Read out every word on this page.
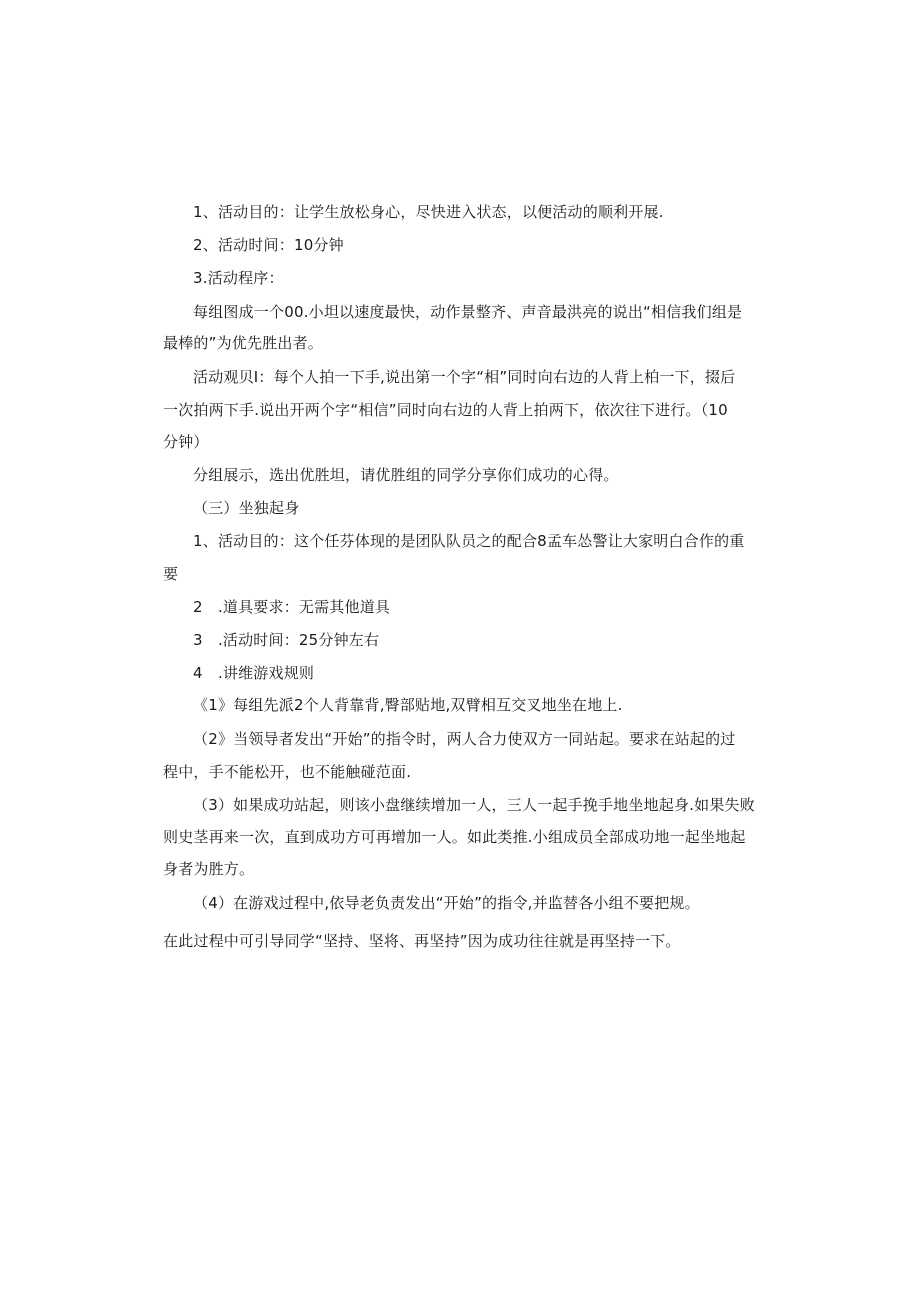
1、活动目的：让学生放松身心，尽快进入状态，以便活动的顺利开展.
2、活动时间：10分钟
3.活动程序：
每组图成一个00.小坦以速度最快，动作景整齐、声音最洪亮的说出“相信我们组是
最棒的”为优先胜出者。
活动观贝I：每个人拍一下手,说出第一个字“相”同时向右边的人背上柏一下，掇后
一次拍两下手.说出开两个字“相信”同时向右边的人背上拍两下，依次往下进行。（10
分钟）
分组展示，选出优胜坦，请优胜组的同学分享你们成功的心得。
（三）坐独起身
1、活动目的：这个任芬体现的是团队队员之的配合8孟车怂警让大家明白合作的重
要
2　.道具要求：无需其他道具
3　.活动时间：25分钟左右
4　.讲维游戏规则
《1》每组先派2个人背靠背,臀部贴地,双臂相互交叉地坐在地上.
（2》当领导者发出“开始”的指令时，两人合力使双方一同站起。要求在站起的过
程中，手不能松开，也不能触碰范面.
（3）如果成功站起，则该小盘继续增加一人，三人一起手挽手地坐地起身.如果失败
则史茎再来一次，直到成功方可再增加一人。如此类推.小组成员全部成功地一起坐地起
身者为胜方。
（4）在游戏过程中,依导老负责发出“开始”的指令,并监替各小组不要把规。
在此过程中可引导同学“坚持、坚将、再坚持”因为成功往往就是再坚持一下。
